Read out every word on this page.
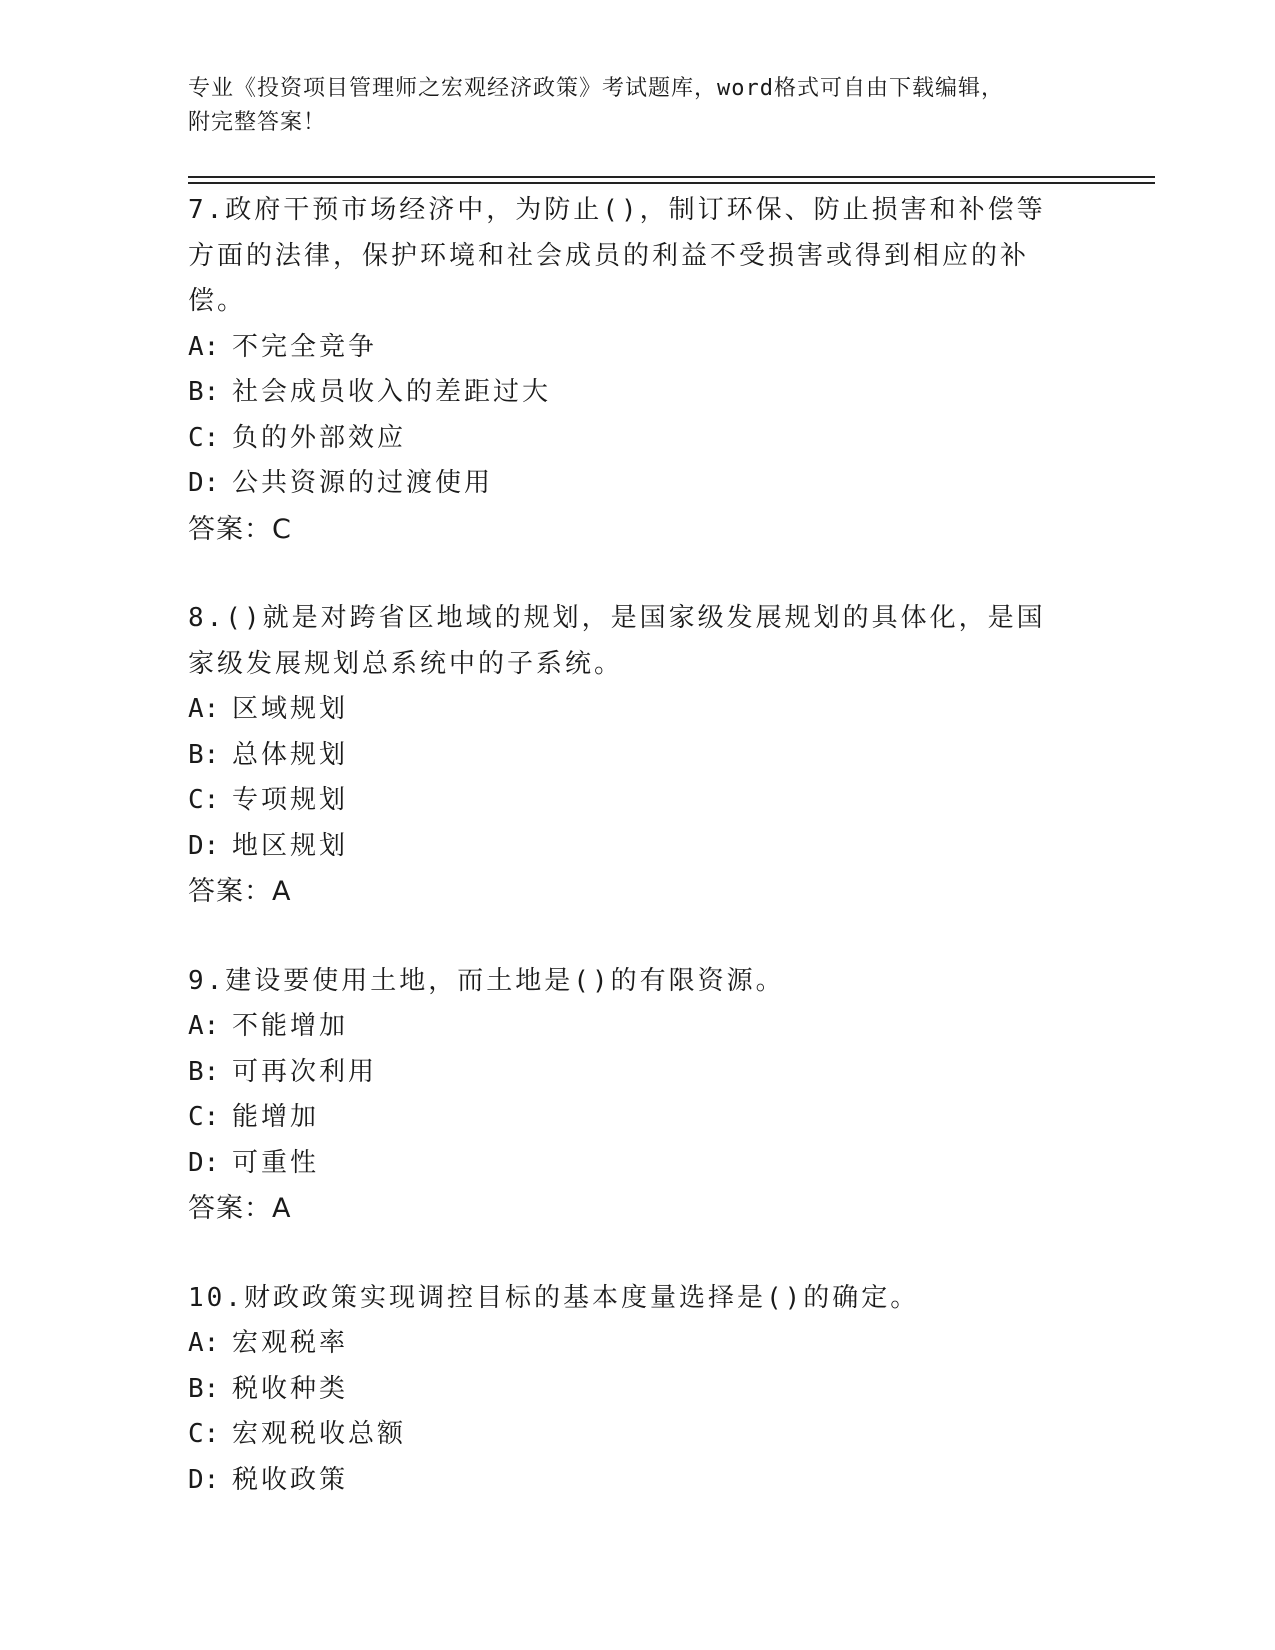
专业《投资项目管理师之宏观经济政策》考试题库，word格式可自由下载编辑，
附完整答案！
7.政府干预市场经济中，为防止()，制订环保、防止损害和补偿等方面的法律，保护环境和社会成员的利益不受损害或得到相应的补偿。
A: 不完全竞争
B: 社会成员收入的差距过大
C: 负的外部效应
D: 公共资源的过渡使用
答案：C
8.()就是对跨省区地域的规划，是国家级发展规划的具体化，是国家级发展规划总系统中的子系统。
A: 区域规划
B: 总体规划
C: 专项规划
D: 地区规划
答案：A
9.建设要使用土地，而土地是()的有限资源。
A: 不能增加
B: 可再次利用
C: 能增加
D: 可重性
答案：A
10.财政政策实现调控目标的基本度量选择是()的确定。
A: 宏观税率
B: 税收种类
C: 宏观税收总额
D: 税收政策
